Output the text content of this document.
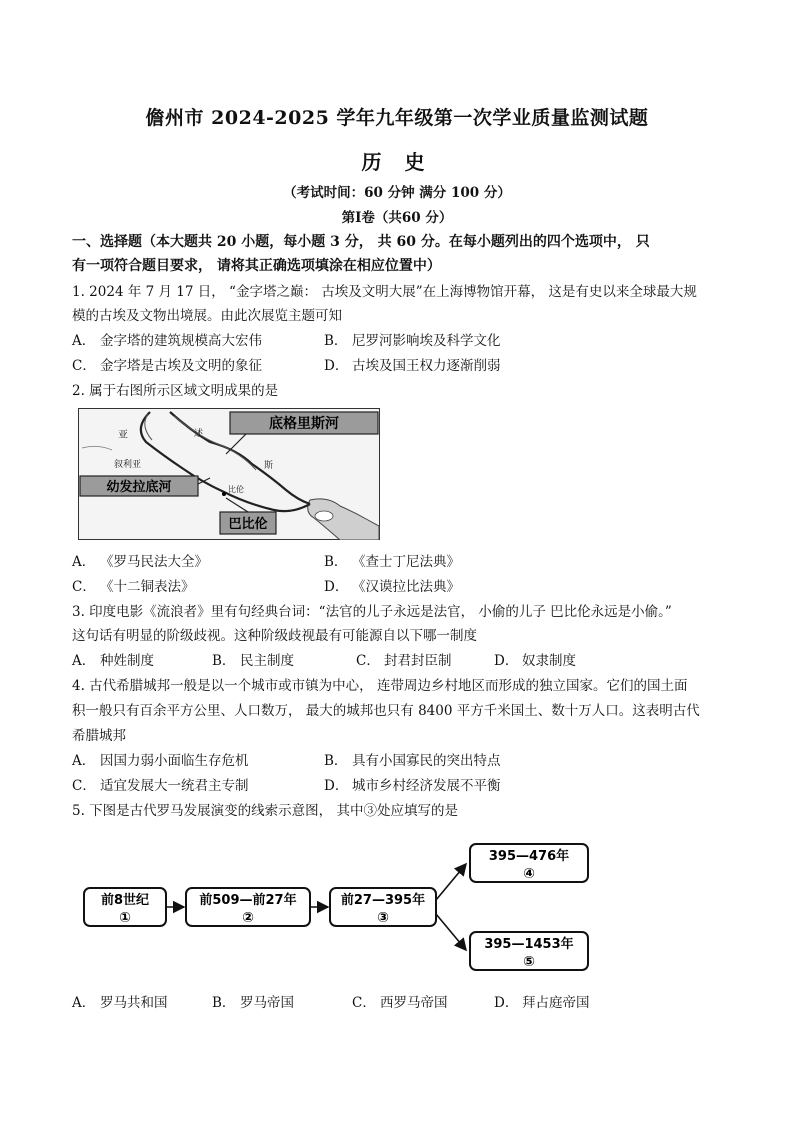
儋州市 2024-2025 学年九年级第一次学业质量监测试题
历 史
（考试时间：60 分钟 满分 100 分）
第Ⅰ卷（共60 分）
一、选择题（本大题共 20 小题，每小题 3 分， 共 60 分。在每小题列出的四个选项中， 只
有一项符合题目要求， 请将其正确选项填涂在相应位置中）
1. 2024 年 7 月 17 日， “金字塔之巅： 古埃及文明大展”在上海博物馆开幕， 这是有史以来全球最大规
模的古埃及文物出境展。由此次展览主题可知
A． 金字塔的建筑规模高大宏伟	B． 尼罗河影响埃及科学文化
C． 金字塔是古埃及文明的象征	D． 古埃及国王权力逐渐削弱
2. 属于右图所示区域文明成果的是
亚
叙利亚
述
比伦
斯
底格里斯河
幼发拉底河
巴比伦
A． 《罗马民法大全》	B． 《查士丁尼法典》
C． 《十二铜表法》	D． 《汉谟拉比法典》
3. 印度电影《流浪者》里有句经典台词：“法官的儿子永远是法官， 小偷的儿子 巴比伦永远是小偷。”
这句话有明显的阶级歧视。这种阶级歧视最有可能源自以下哪一制度
A． 种姓制度	B． 民主制度	C． 封君封臣制	D． 奴隶制度
4. 古代希腊城邦一般是以一个城市或市镇为中心， 连带周边乡村地区而形成的独立国家。它们的国土面
积一般只有百余平方公里、人口数万， 最大的城邦也只有 8400 平方千米国土、数十万人口。这表明古代
希腊城邦
A． 因国力弱小面临生存危机	B． 具有小国寡民的突出特点
C． 适宜发展大一统君主专制	D． 城市乡村经济发展不平衡
5. 下图是古代罗马发展演变的线索示意图， 其中③处应填写的是
前8世纪
①
前509—前27年
②
前27—395年
③
395—476年
④
395—1453年
⑤
A． 罗马共和国	B． 罗马帝国	C． 西罗马帝国	D． 拜占庭帝国
